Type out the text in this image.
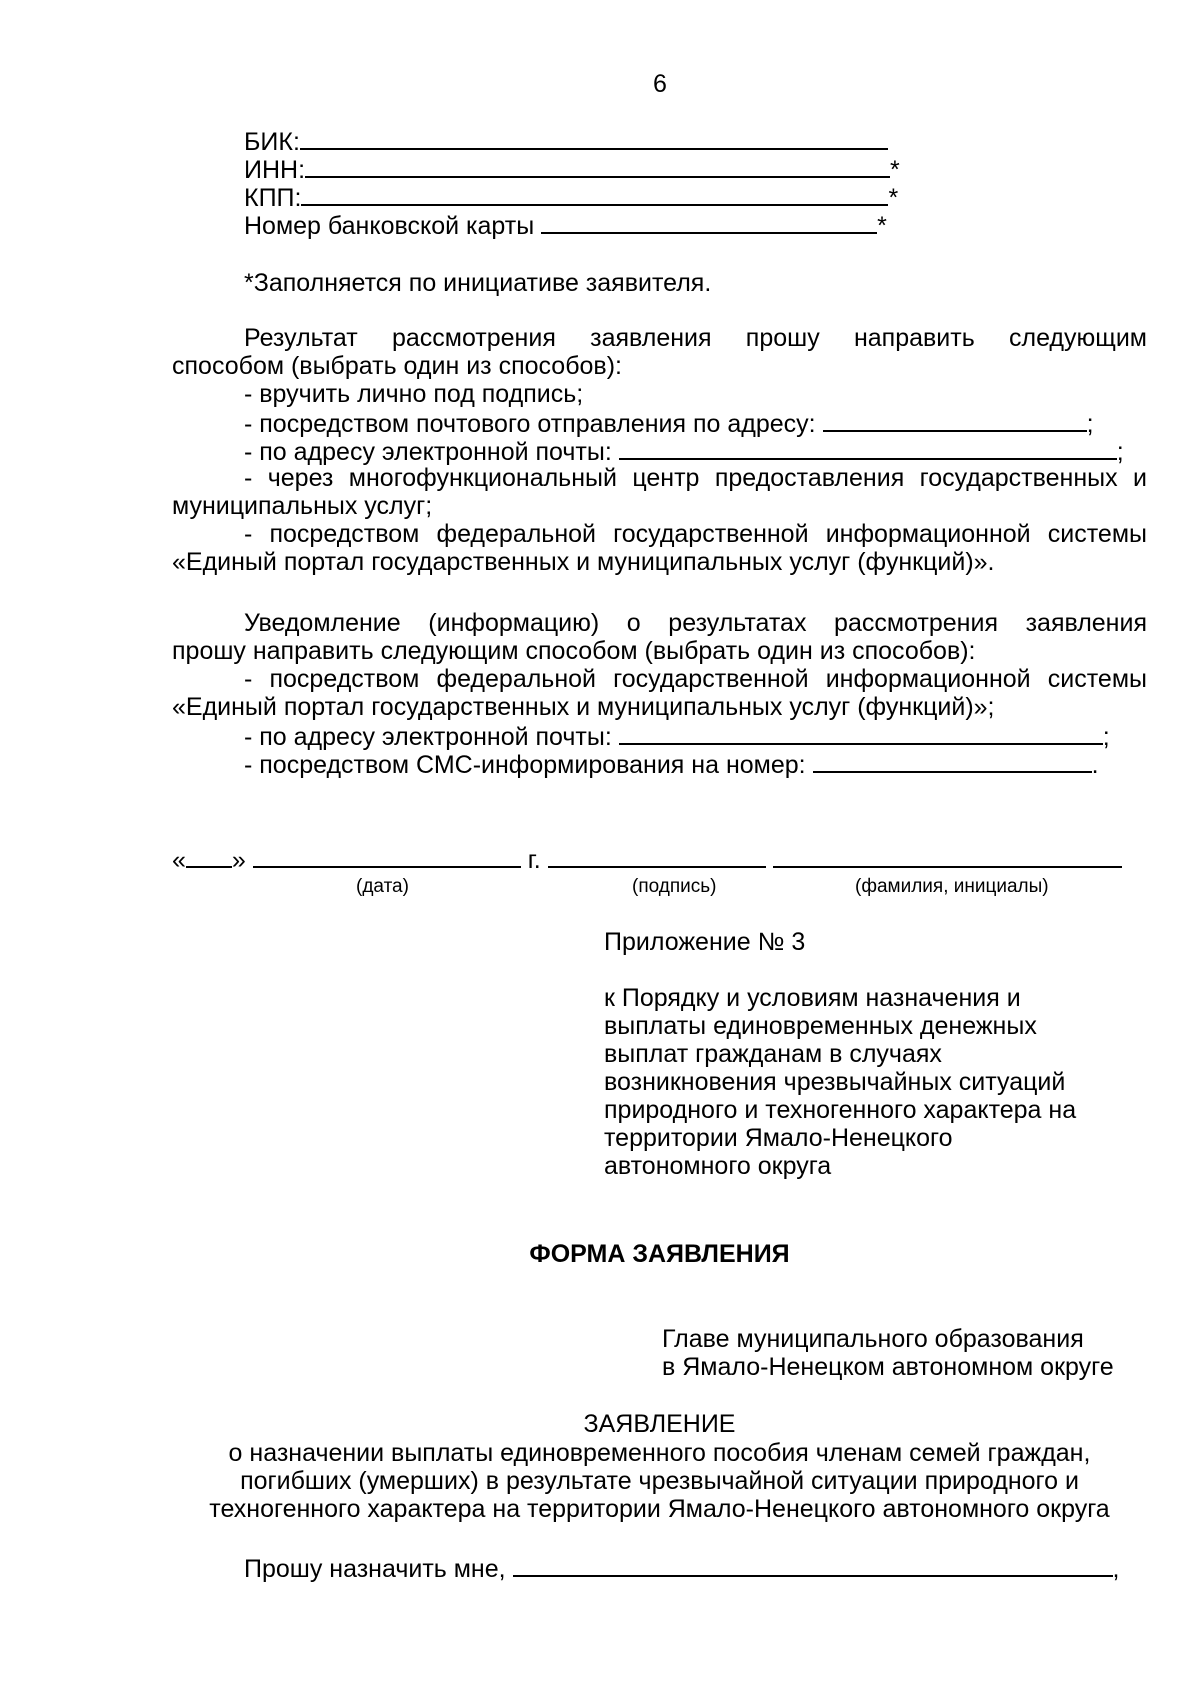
6
БИК:
ИНН:	*
КПП:	*
Номер банковской карты	*
*Заполняется по инициативе заявителя.
Результат рассмотрения заявления прошу направить следующим
способом (выбрать один из способов):
- вручить лично под подпись;
- посредством почтового отправления по адресу:	;
- по адресу электронной почты:	;
- через многофункциональный центр предоставления государственных и
муниципальных услуг;
- посредством федеральной государственной информационной системы
«Единый портал государственных и муниципальных услуг (функций)».
Уведомление (информацию) о результатах рассмотрения заявления
прошу направить следующим способом (выбрать один из способов):
- посредством федеральной государственной информационной системы
«Единый портал государственных и муниципальных услуг (функций)»;
- по адресу электронной почты:	;
- посредством СМС-информирования на номер:	.
« »	г.
(дата)	(подпись)	(фамилия, инициалы)
Приложение № 3
к Порядку и условиям назначения и
выплаты единовременных денежных
выплат гражданам в случаях
возникновения чрезвычайных ситуаций
природного и техногенного характера на
территории Ямало-Ненецкого
автономного округа
ФОРМА ЗАЯВЛЕНИЯ
Главе муниципального образования
в Ямало-Ненецком автономном округе
ЗАЯВЛЕНИЕ
о назначении выплаты единовременного пособия членам семей граждан,
погибших (умерших) в результате чрезвычайной ситуации природного и
техногенного характера на территории Ямало-Ненецкого автономного округа
Прошу назначить мне,	,
